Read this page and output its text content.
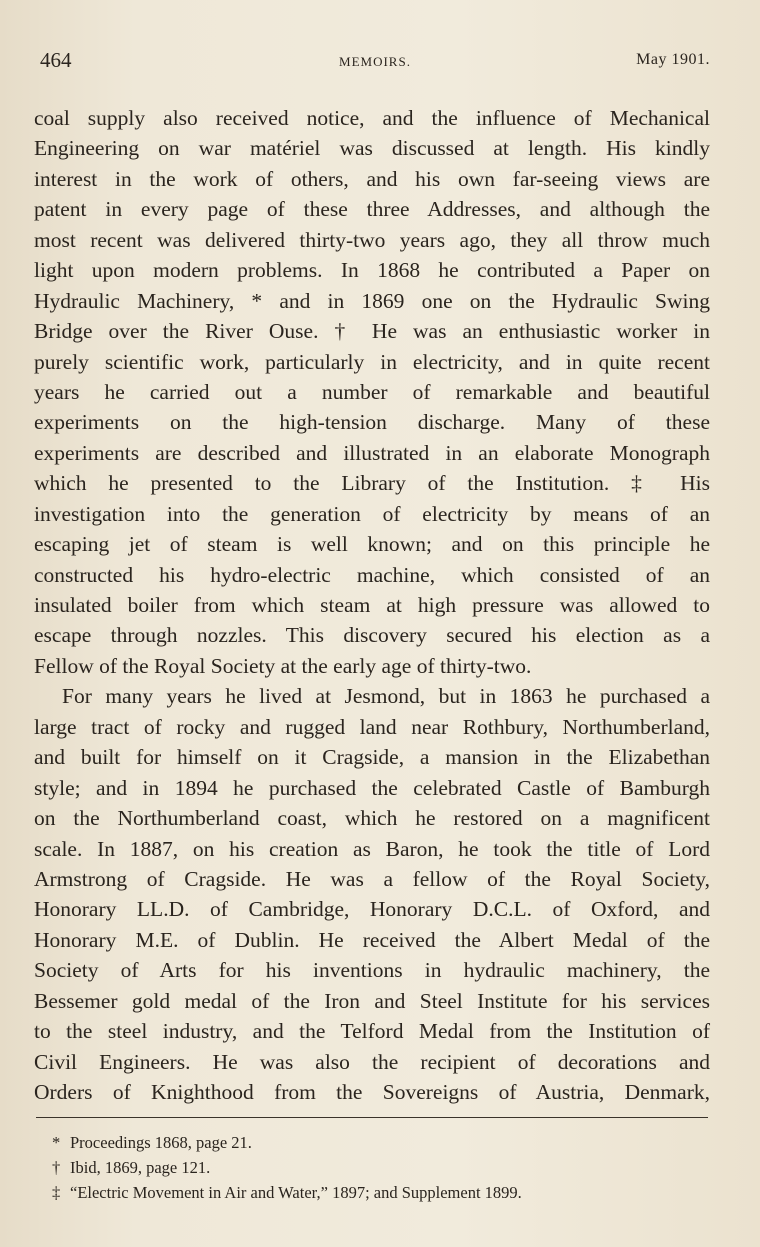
464	MEMOIRS.	May 1901.
coal supply also received notice, and the influence of Mechanical
Engineering on war matériel was discussed at length. His kindly
interest in the work of others, and his own far-seeing views are
patent in every page of these three Addresses, and although the
most recent was delivered thirty-two years ago, they all throw much
light upon modern problems. In 1868 he contributed a Paper on
Hydraulic Machinery, * and in 1869 one on the Hydraulic Swing
Bridge over the River Ouse. † He was an enthusiastic worker in
purely scientific work, particularly in electricity, and in quite recent
years he carried out a number of remarkable and beautiful
experiments on the high-tension discharge. Many of these
experiments are described and illustrated in an elaborate Monograph
which he presented to the Library of the Institution. ‡ His
investigation into the generation of electricity by means of an
escaping jet of steam is well known; and on this principle he
constructed his hydro-electric machine, which consisted of an
insulated boiler from which steam at high pressure was allowed to
escape through nozzles. This discovery secured his election as a
Fellow of the Royal Society at the early age of thirty-two.
For many years he lived at Jesmond, but in 1863 he purchased a
large tract of rocky and rugged land near Rothbury, Northumberland,
and built for himself on it Cragside, a mansion in the Elizabethan
style; and in 1894 he purchased the celebrated Castle of Bamburgh
on the Northumberland coast, which he restored on a magnificent
scale. In 1887, on his creation as Baron, he took the title of Lord
Armstrong of Cragside. He was a fellow of the Royal Society,
Honorary LL.D. of Cambridge, Honorary D.C.L. of Oxford, and
Honorary M.E. of Dublin. He received the Albert Medal of the
Society of Arts for his inventions in hydraulic machinery, the
Bessemer gold medal of the Iron and Steel Institute for his services
to the steel industry, and the Telford Medal from the Institution of
Civil Engineers. He was also the recipient of decorations and
Orders of Knighthood from the Sovereigns of Austria, Denmark,
* Proceedings 1868, page 21.
† Ibid, 1869, page 121.
‡ “Electric Movement in Air and Water,” 1897; and Supplement 1899.
